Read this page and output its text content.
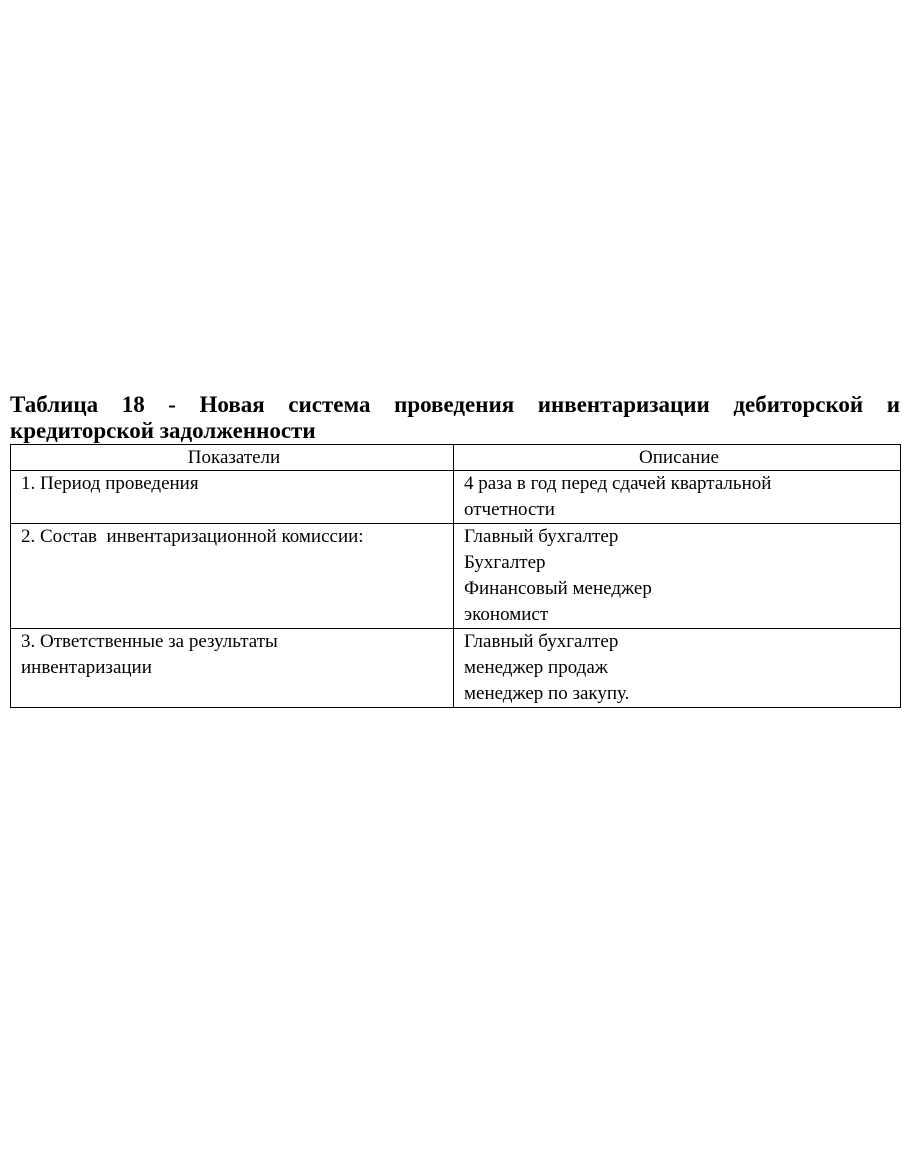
Таблица 18 - Новая система проведения инвентаризации дебиторской и кредиторской задолженности

Показатели	Описание
1. Период проведения	4 раза в год перед сдачей квартальной
отчетности

2. Состав  инвентаризационной комиссии:	Главный бухгалтер
Бухгалтер
Финансовый менеджер
экономист

3. Ответственные за результаты инвентаризации	Главный бухгалтер
менеджер продаж
менеджер по закупу.
